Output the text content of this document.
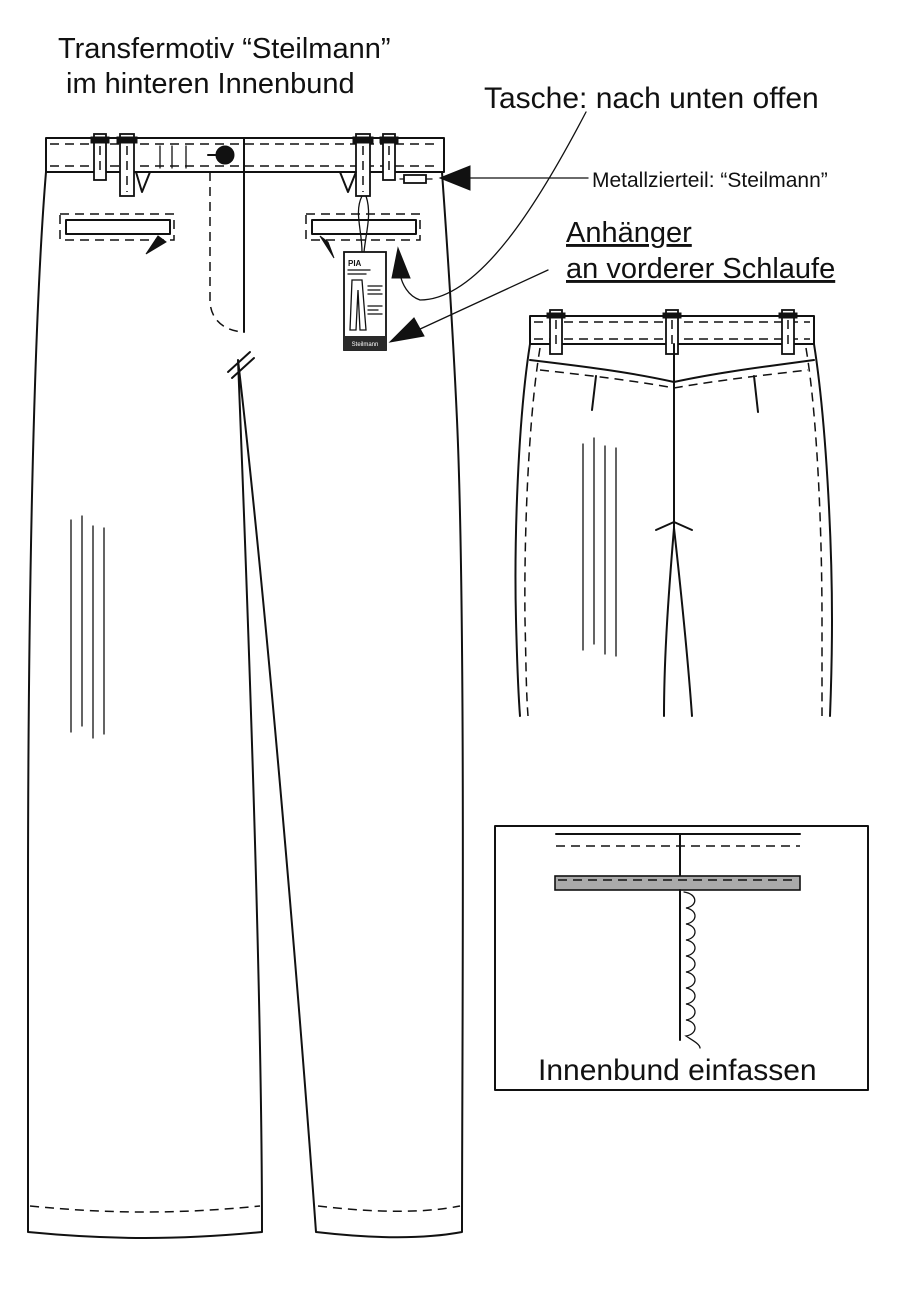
PIA
Steilmann
Innenbund einfassen
Transfermotiv “Steilmann”
im hinteren Innenbund	Tasche: nach unten offen
Metallzierteil: “Steilmann”
Anhänger
an vorderer Schlaufe
